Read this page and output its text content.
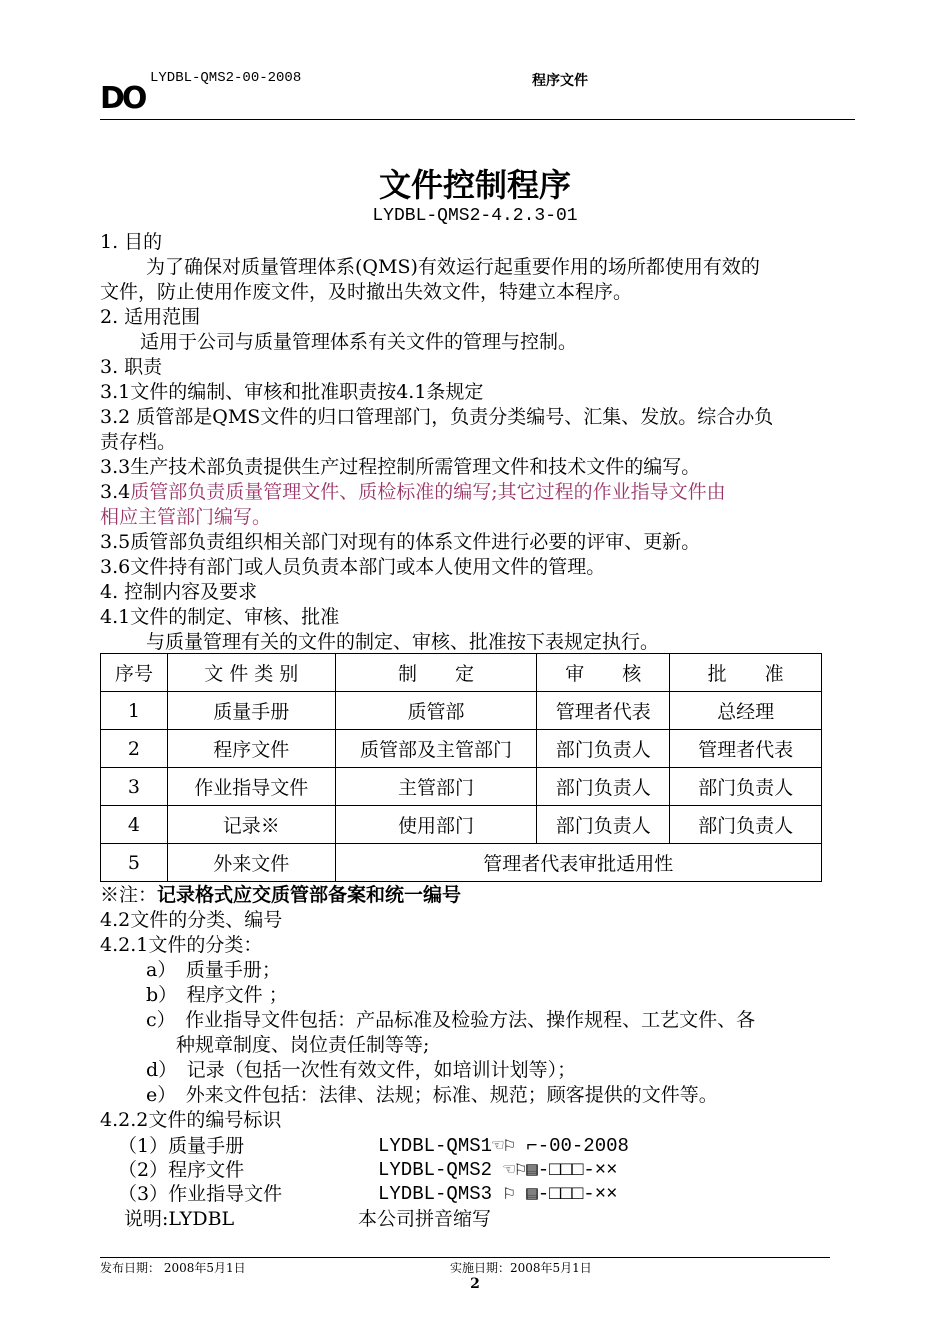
DO
LYDBL-QMS2-00-2008	程序文件
文件控制程序
LYDBL-QMS2-4.2.3-01
1. 目的
为了确保对质量管理体系(QMS)有效运行起重要作用的场所都使用有效的
文件，防止使用作废文件，及时撤出失效文件，特建立本程序。
2. 适用范围
适用于公司与质量管理体系有关文件的管理与控制。
3. 职责
3.1文件的编制、审核和批准职责按4.1条规定
3.2 质管部是QMS文件的归口管理部门，负责分类编号、汇集、发放。综合办负
责存档。
3.3生产技术部负责提供生产过程控制所需管理文件和技术文件的编写。
3.4质管部负责质量管理文件、质检标准的编写;其它过程的作业指导文件由
相应主管部门编写。
3.5质管部负责组织相关部门对现有的体系文件进行必要的评审、更新。
3.6文件持有部门或人员负责本部门或本人使用文件的管理。
4. 控制内容及要求
4.1文件的制定、审核、批准
与质量管理有关的文件的制定、审核、批准按下表规定执行。
序号	文 件 类 别	制　　定	审　　核	批　　准
1	质量手册	质管部	管理者代表	总经理
2	程序文件	质管部及主管部门	部门负责人	管理者代表
3	作业指导文件	主管部门	部门负责人	部门负责人
4	记录※	使用部门	部门负责人	部门负责人
5	外来文件	管理者代表审批适用性		
※注：记录格式应交质管部备案和统一编号
4.2文件的分类、编号
4.2.1文件的分类：
a）　质量手册；
b）　程序文件 ；
c）　作业指导文件包括：产品标准及检验方法、操作规程、工艺文件、各
种规章制度、岗位责任制等等;
d）　记录（包括一次性有效文件，如培训计划等）；
e）　外来文件包括：法律、法规；标准、规范；顾客提供的文件等。
4.2.2文件的编号标识
（1）质量手册	LYDBL-QMS1☜⚐ ⌐-00-2008
（2）程序文件	LYDBL-QMS2 ☜⚐▤-□□□-××
（3）作业指导文件	LYDBL-QMS3 ⚐ ▤-□□□-××
说明:LYDBL	本公司拼音缩写
发布日期： 2008年5月1日	实施日期：2008年5月1日
2
